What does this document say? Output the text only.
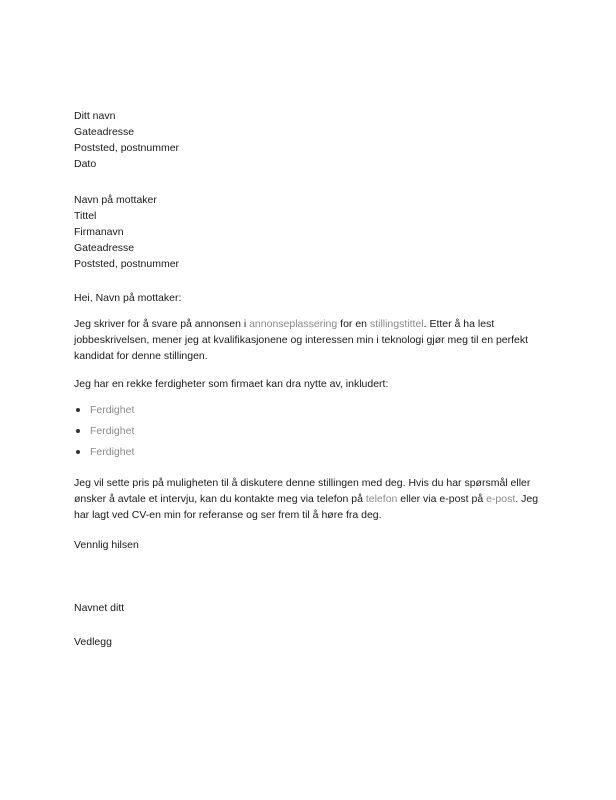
Ditt navn
Gateadresse
Poststed, postnummer
Dato
Navn på mottaker
Tittel
Firmanavn
Gateadresse
Poststed, postnummer
Hei, Navn på mottaker:
Jeg skriver for å svare på annonsen i annonseplassering for en stillingstittel. Etter å ha lest jobbeskrivelsen, mener jeg at kvalifikasjonene og interessen min i teknologi gjør meg til en perfekt kandidat for denne stillingen.
Jeg har en rekke ferdigheter som firmaet kan dra nytte av, inkludert:
Ferdighet
Ferdighet
Ferdighet
Jeg vil sette pris på muligheten til å diskutere denne stillingen med deg. Hvis du har spørsmål eller ønsker å avtale et intervju, kan du kontakte meg via telefon på telefon eller via e-post på e-post. Jeg har lagt ved CV-en min for referanse og ser frem til å høre fra deg.
Vennlig hilsen
Navnet ditt
Vedlegg
